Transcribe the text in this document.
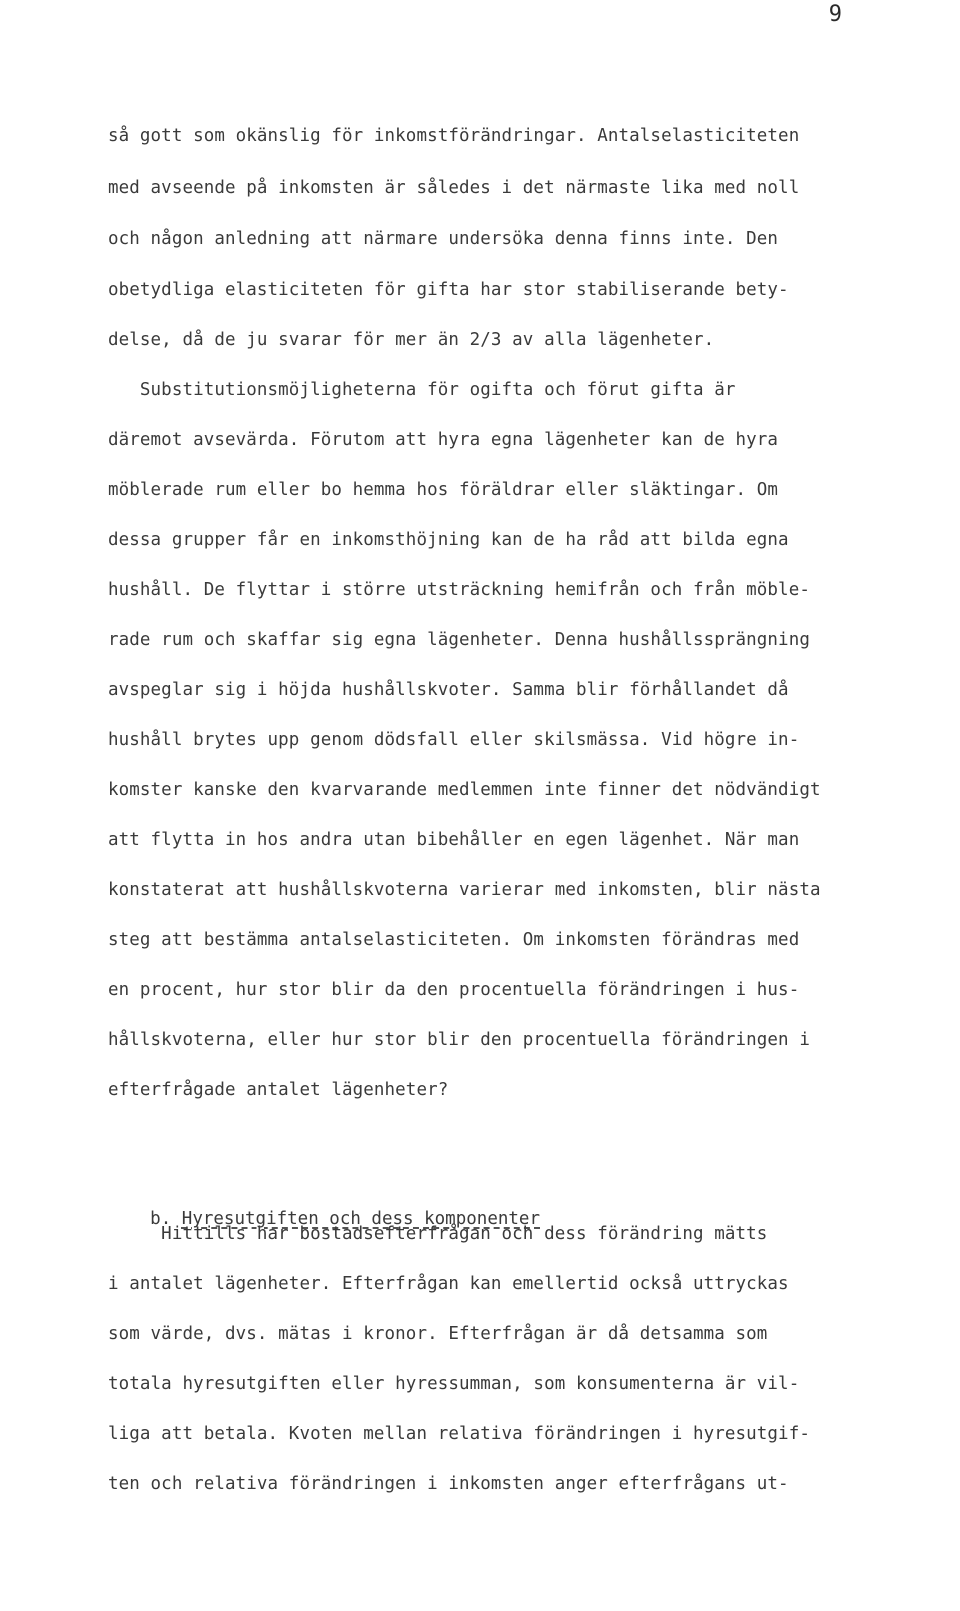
9
så gott som okänslig för inkomstförändringar. Antalselasticiteten
med avseende på inkomsten är således i det närmaste lika med noll
och någon anledning att närmare undersöka denna finns inte. Den
obetydliga elasticiteten för gifta har stor stabiliserande bety-
delse, då de ju svarar för mer än 2/3 av alla lägenheter.
Substitutionsmöjligheterna för ogifta och förut gifta är
däremot avsevärda. Förutom att hyra egna lägenheter kan de hyra
möblerade rum eller bo hemma hos föräldrar eller släktingar. Om
dessa grupper får en inkomsthöjning kan de ha råd att bilda egna
hushåll. De flyttar i större utsträckning hemifrån och från möble-
rade rum och skaffar sig egna lägenheter. Denna hushållssprängning
avspeglar sig i höjda hushållskvoter. Samma blir förhållandet då
hushåll brytes upp genom dödsfall eller skilsmässa. Vid högre in-
komster kanske den kvarvarande medlemmen inte finner det nödvändigt
att flytta in hos andra utan bibehåller en egen lägenhet. När man
konstaterat att hushållskvoterna varierar med inkomsten, blir nästa
steg att bestämma antalselasticiteten. Om inkomsten förändras med
en procent, hur stor blir da den procentuella förändringen i hus-
hållskvoterna, eller hur stor blir den procentuella förändringen i
efterfrågade antalet lägenheter?

b. Hyresutgiften och dess komponenter

Hittills har bostadsefterfrågan och dess förändring mätts
i antalet lägenheter. Efterfrågan kan emellertid också uttryckas
som värde, dvs. mätas i kronor. Efterfrågan är då detsamma som
totala hyresutgiften eller hyressumman, som konsumenterna är vil-
liga att betala. Kvoten mellan relativa förändringen i hyresutgif-
ten och relativa förändringen i inkomsten anger efterfrågans ut-
